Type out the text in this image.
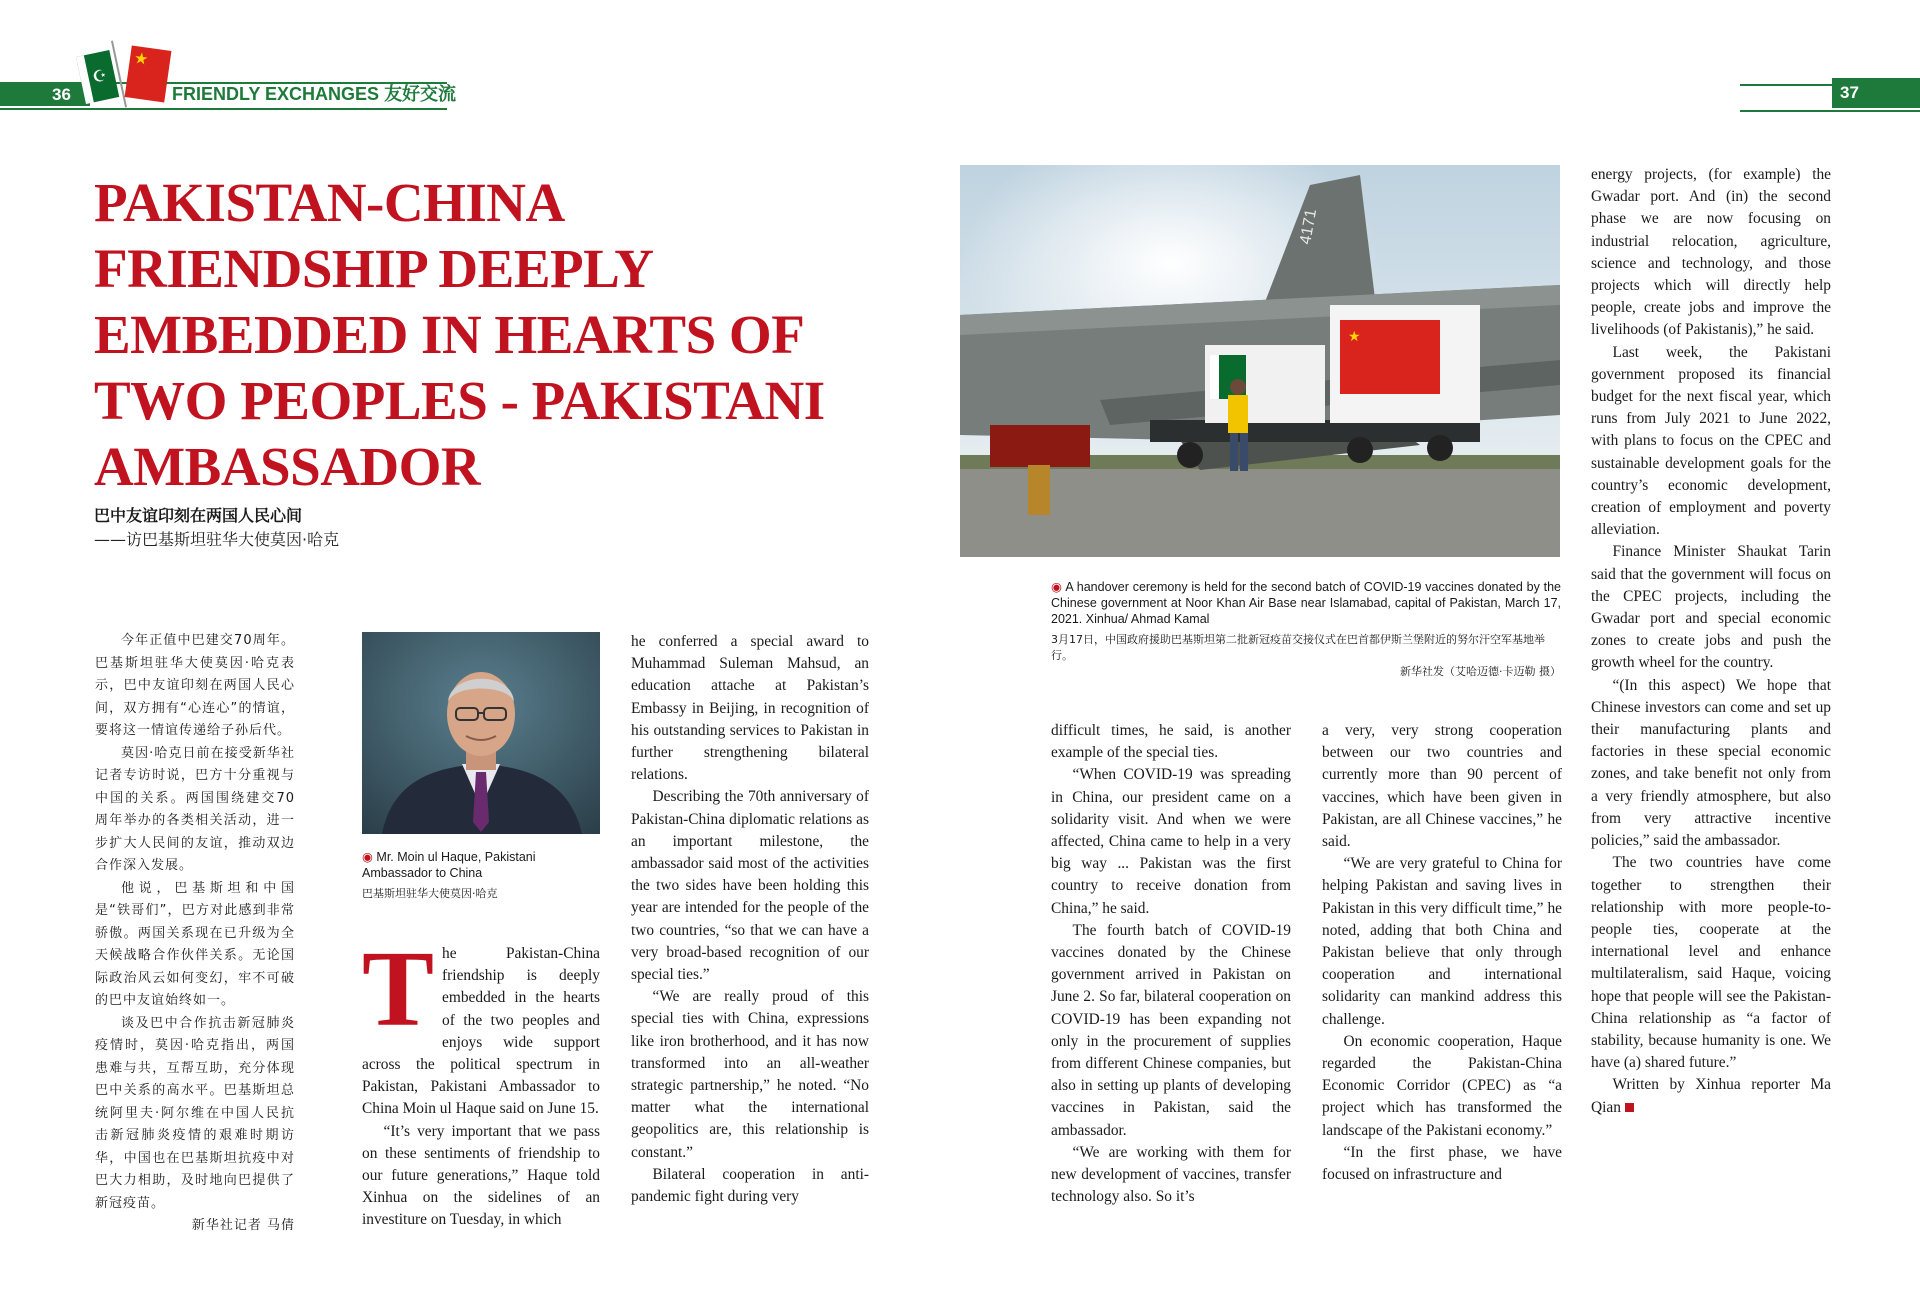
36
☪
★
FRIENDLY EXCHANGES 友好交流	37
PAKISTAN-CHINA FRIENDSHIP DEEPLY EMBEDDED IN HEARTS OF TWO PEOPLES - PAKISTANI AMBASSADOR
巴中友谊印刻在两国人民心间
——访巴基斯坦驻华大使莫因·哈克

今年正值中巴建交70周年。巴基斯坦驻华大使莫因·哈克表示，巴中友谊印刻在两国人民心间，双方拥有“心连心”的情谊，要将这一情谊传递给子孙后代。

莫因·哈克日前在接受新华社记者专访时说，巴方十分重视与中国的关系。两国围绕建交70周年举办的各类相关活动，进一步扩大人民间的友谊，推动双边合作深入发展。

他说，巴基斯坦和中国是“铁哥们”，巴方对此感到非常骄傲。两国关系现在已升级为全天候战略合作伙伴关系。无论国际政治风云如何变幻，牢不可破的巴中友谊始终如一。

谈及巴中合作抗击新冠肺炎疫情时，莫因·哈克指出，两国患难与共，互帮互助，充分体现巴中关系的高水平。巴基斯坦总统阿里夫·阿尔维在中国人民抗击新冠肺炎疫情的艰难时期访华，中国也在巴基斯坦抗疫中对巴大力相助，及时地向巴提供了新冠疫苗。

新华社记者 马倩
◉ Mr. Moin ul Haque, Pakistani Ambassador to China
巴基斯坦驻华大使莫因·哈克

The Pakistan-China friendship is deeply embedded in the hearts of the two peoples and enjoys wide support across the political spectrum in Pakistan, Pakistani Ambassador to China Moin ul Haque said on June 15.

“It’s very important that we pass on these sentiments of friendship to our future generations,” Haque told Xinhua on the sidelines of an investiture on Tuesday, in which

he conferred a special award to Muhammad Suleman Mahsud, an education attache at Pakistan’s Embassy in Beijing, in recognition of his outstanding services to Pakistan in further strengthening bilateral relations.

Describing the 70th anniversary of Pakistan-China diplomatic relations as an important milestone, the ambassador said most of the activities the two sides have been holding this year are intended for the people of the two countries, “so that we can have a very broad-based recognition of our special ties.”

“We are really proud of this special ties with China, expressions like iron brotherhood, and it has now transformed into an all-weather strategic partnership,” he noted. “No matter what the international geopolitics are, this relationship is constant.”

Bilateral cooperation in anti-pandemic fight during very

4171
★
◉ A handover ceremony is held for the second batch of COVID-19 vaccines donated by the Chinese government at Noor Khan Air Base near Islamabad, capital of Pakistan, March 17, 2021. Xinhua/ Ahmad Kamal
3月17日，中国政府援助巴基斯坦第二批新冠疫苗交接仪式在巴首都伊斯兰堡附近的努尔汗空军基地举行。
新华社发（艾哈迈德·卡迈勒 摄）

difficult times, he said, is another example of the special ties.

“When COVID-19 was spreading in China, our president came on a solidarity visit. And when we were affected, China came to help in a very big way ... Pakistan was the first country to receive donation from China,” he said.

The fourth batch of COVID-19 vaccines donated by the Chinese government arrived in Pakistan on June 2. So far, bilateral cooperation on COVID-19 has been expanding not only in the procurement of supplies from different Chinese companies, but also in setting up plants of developing vaccines in Pakistan, said the ambassador.

“We are working with them for new development of vaccines, transfer technology also. So it’s

a very, very strong cooperation between our two countries and currently more than 90 percent of vaccines, which have been given in Pakistan, are all Chinese vaccines,” he said.

“We are very grateful to China for helping Pakistan and saving lives in Pakistan in this very difficult time,” he noted, adding that both China and Pakistan believe that only through cooperation and international solidarity can mankind address this challenge.

On economic cooperation, Haque regarded the Pakistan-China Economic Corridor (CPEC) as “a project which has transformed the landscape of the Pakistani economy.”

“In the first phase, we have focused on infrastructure and

energy projects, (for example) the Gwadar port. And (in) the second phase we are now focusing on industrial relocation, agriculture, science and technology, and those projects which will directly help people, create jobs and improve the livelihoods (of Pakistanis),” he said.

Last week, the Pakistani government proposed its financial budget for the next fiscal year, which runs from July 2021 to June 2022, with plans to focus on the CPEC and sustainable development goals for the country’s economic development, creation of employment and poverty alleviation.

Finance Minister Shaukat Tarin said that the government will focus on the CPEC projects, including the Gwadar port and special economic zones to create jobs and push the growth wheel for the country.

“(In this aspect) We hope that Chinese investors can come and set up their manufacturing plants and factories in these special economic zones, and take benefit not only from a very friendly atmosphere, but also from very attractive incentive policies,” said the ambassador.

The two countries have come together to strengthen their relationship with more people-to-people ties, cooperate at the international level and enhance multilateralism, said Haque, voicing hope that people will see the Pakistan-China relationship as “a factor of stability, because humanity is one. We have (a) shared future.”

Written by Xinhua reporter Ma Qian
